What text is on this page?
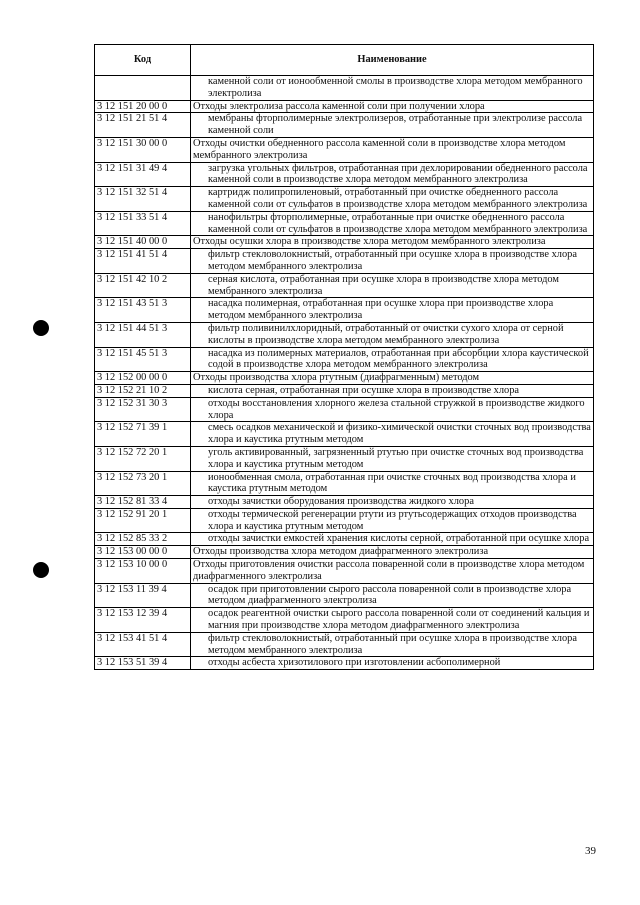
Код	Наименование
	каменной соли от ионообменной смолы в производстве хлора методом мембранного электролиза
3 12 151 20 00 0	Отходы электролиза рассола каменной соли при получении хлора
3 12 151 21 51 4	мембраны фторполимерные электролизеров, отработанные при электролизе рассола каменной соли
3 12 151 30 00 0	Отходы очистки обедненного рассола каменной соли в производстве хлора методом мембранного электролиза
3 12 151 31 49 4	загрузка угольных фильтров, отработанная при дехлорировании обедненного рассола каменной соли в производстве хлора методом мембранного электролиза
3 12 151 32 51 4	картридж полипропиленовый, отработанный при очистке обедненного рассола каменной соли от сульфатов в производстве хлора методом мембранного электролиза
3 12 151 33 51 4	нанофильтры фторполимерные, отработанные при очистке обедненного рассола каменной соли от сульфатов в производстве хлора методом мембранного электролиза
3 12 151 40 00 0	Отходы осушки хлора в производстве хлора методом мембранного электролиза
3 12 151 41 51 4	фильтр стекловолокнистый, отработанный при осушке хлора в производстве хлора методом мембранного электролиза
3 12 151 42 10 2	серная кислота, отработанная при осушке хлора в производстве хлора методом мембранного электролиза
3 12 151 43 51 3	насадка полимерная, отработанная при осушке хлора при производстве хлора методом мембранного электролиза
3 12 151 44 51 3	фильтр поливинилхлоридный, отработанный от очистки сухого хлора от серной кислоты в производстве хлора методом мембранного электролиза
3 12 151 45 51 3	насадка из полимерных материалов, отработанная при абсорбции хлора каустической содой в производстве хлора методом мембранного электролиза
3 12 152 00 00 0	Отходы производства хлора ртутным (диафрагменным) методом
3 12 152 21 10 2	кислота серная, отработанная при осушке хлора в производстве хлора
3 12 152 31 30 3	отходы восстановления хлорного железа стальной стружкой в производстве жидкого хлора
3 12 152 71 39 1	смесь осадков механической и физико-химической очистки сточных вод производства хлора и каустика ртутным методом
3 12 152 72 20 1	уголь активированный, загрязненный ртутью при очистке сточных вод производства хлора и каустика ртутным методом
3 12 152 73 20 1	ионообменная смола, отработанная при очистке сточных вод производства хлора и каустика ртутным методом
3 12 152 81 33 4	отходы зачистки оборудования производства жидкого хлора
3 12 152 91 20 1	отходы термической регенерации ртути из ртутьсодержащих отходов производства хлора и каустика ртутным методом
3 12 152 85 33 2	отходы зачистки емкостей хранения кислоты серной, отработанной при осушке хлора
3 12 153 00 00 0	Отходы производства хлора методом диафрагменного электролиза
3 12 153 10 00 0	Отходы приготовления очистки рассола поваренной соли в производстве хлора методом диафрагменного электролиза
3 12 153 11 39 4	осадок при приготовлении сырого рассола поваренной соли в производстве хлора методом диафрагменного электролиза
3 12 153 12 39 4	осадок реагентной очистки сырого рассола поваренной соли от соединений кальция и магния при производстве хлора методом диафрагменного электролиза
3 12 153 41 51 4	фильтр стекловолокнистый, отработанный при осушке хлора в производстве хлора методом мембранного электролиза
3 12 153 51 39 4	отходы асбеста хризотилового при изготовлении асбополимерной
39
